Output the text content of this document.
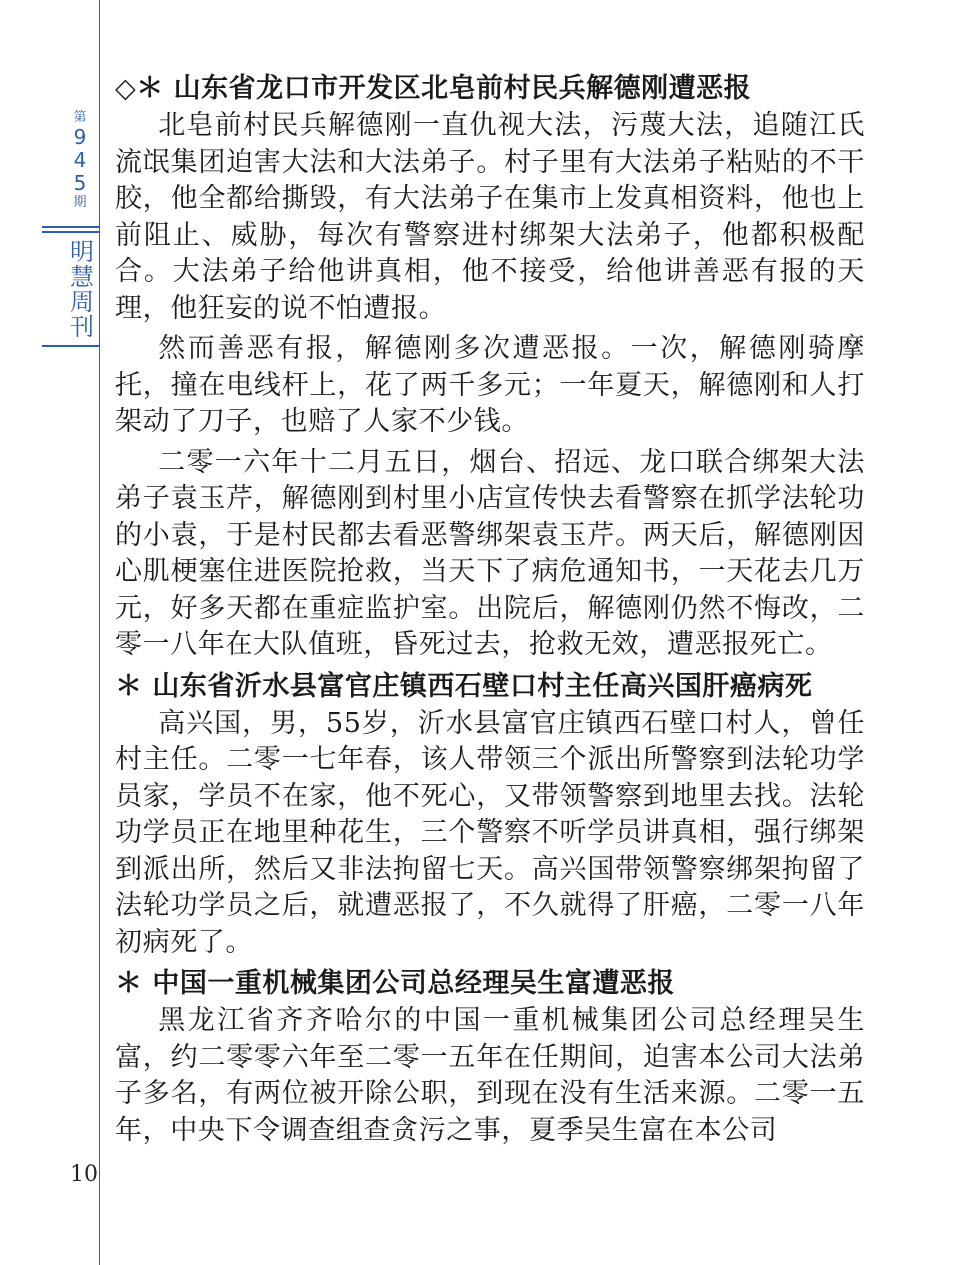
第
9
4
5
期
明慧周刊
10
◇＊ 山东省龙口市开发区北皂前村民兵解德刚遭恶报

北皂前村民兵解德刚一直仇视大法，污蔑大法，追随江氏流氓集团迫害大法和大法弟子。村子里有大法弟子粘贴的不干胶，他全都给撕毁，有大法弟子在集市上发真相资料，他也上前阻止、威胁，每次有警察进村绑架大法弟子，他都积极配合。大法弟子给他讲真相，他不接受，给他讲善恶有报的天理，他狂妄的说不怕遭报。

然而善恶有报，解德刚多次遭恶报。一次，解德刚骑摩托，撞在电线杆上，花了两千多元；一年夏天，解德刚和人打架动了刀子，也赔了人家不少钱。

二零一六年十二月五日，烟台、招远、龙口联合绑架大法弟子袁玉芹，解德刚到村里小店宣传快去看警察在抓学法轮功的小袁，于是村民都去看恶警绑架袁玉芹。两天后，解德刚因心肌梗塞住进医院抢救，当天下了病危通知书，一天花去几万元，好多天都在重症监护室。出院后，解德刚仍然不悔改，二零一八年在大队值班，昏死过去，抢救无效，遭恶报死亡。

＊ 山东省沂水县富官庄镇西石壁口村主任高兴国肝癌病死

高兴国，男，55岁，沂水县富官庄镇西石壁口村人，曾任村主任。二零一七年春，该人带领三个派出所警察到法轮功学员家，学员不在家，他不死心，又带领警察到地里去找。法轮功学员正在地里种花生，三个警察不听学员讲真相，强行绑架到派出所，然后又非法拘留七天。高兴国带领警察绑架拘留了法轮功学员之后，就遭恶报了，不久就得了肝癌，二零一八年初病死了。

＊ 中国一重机械集团公司总经理吴生富遭恶报

黑龙江省齐齐哈尔的中国一重机械集团公司总经理吴生富，约二零零六年至二零一五年在任期间，迫害本公司大法弟子多名，有两位被开除公职，到现在没有生活来源。二零一五年，中央下令调查组查贪污之事，夏季吴生富在本公司
